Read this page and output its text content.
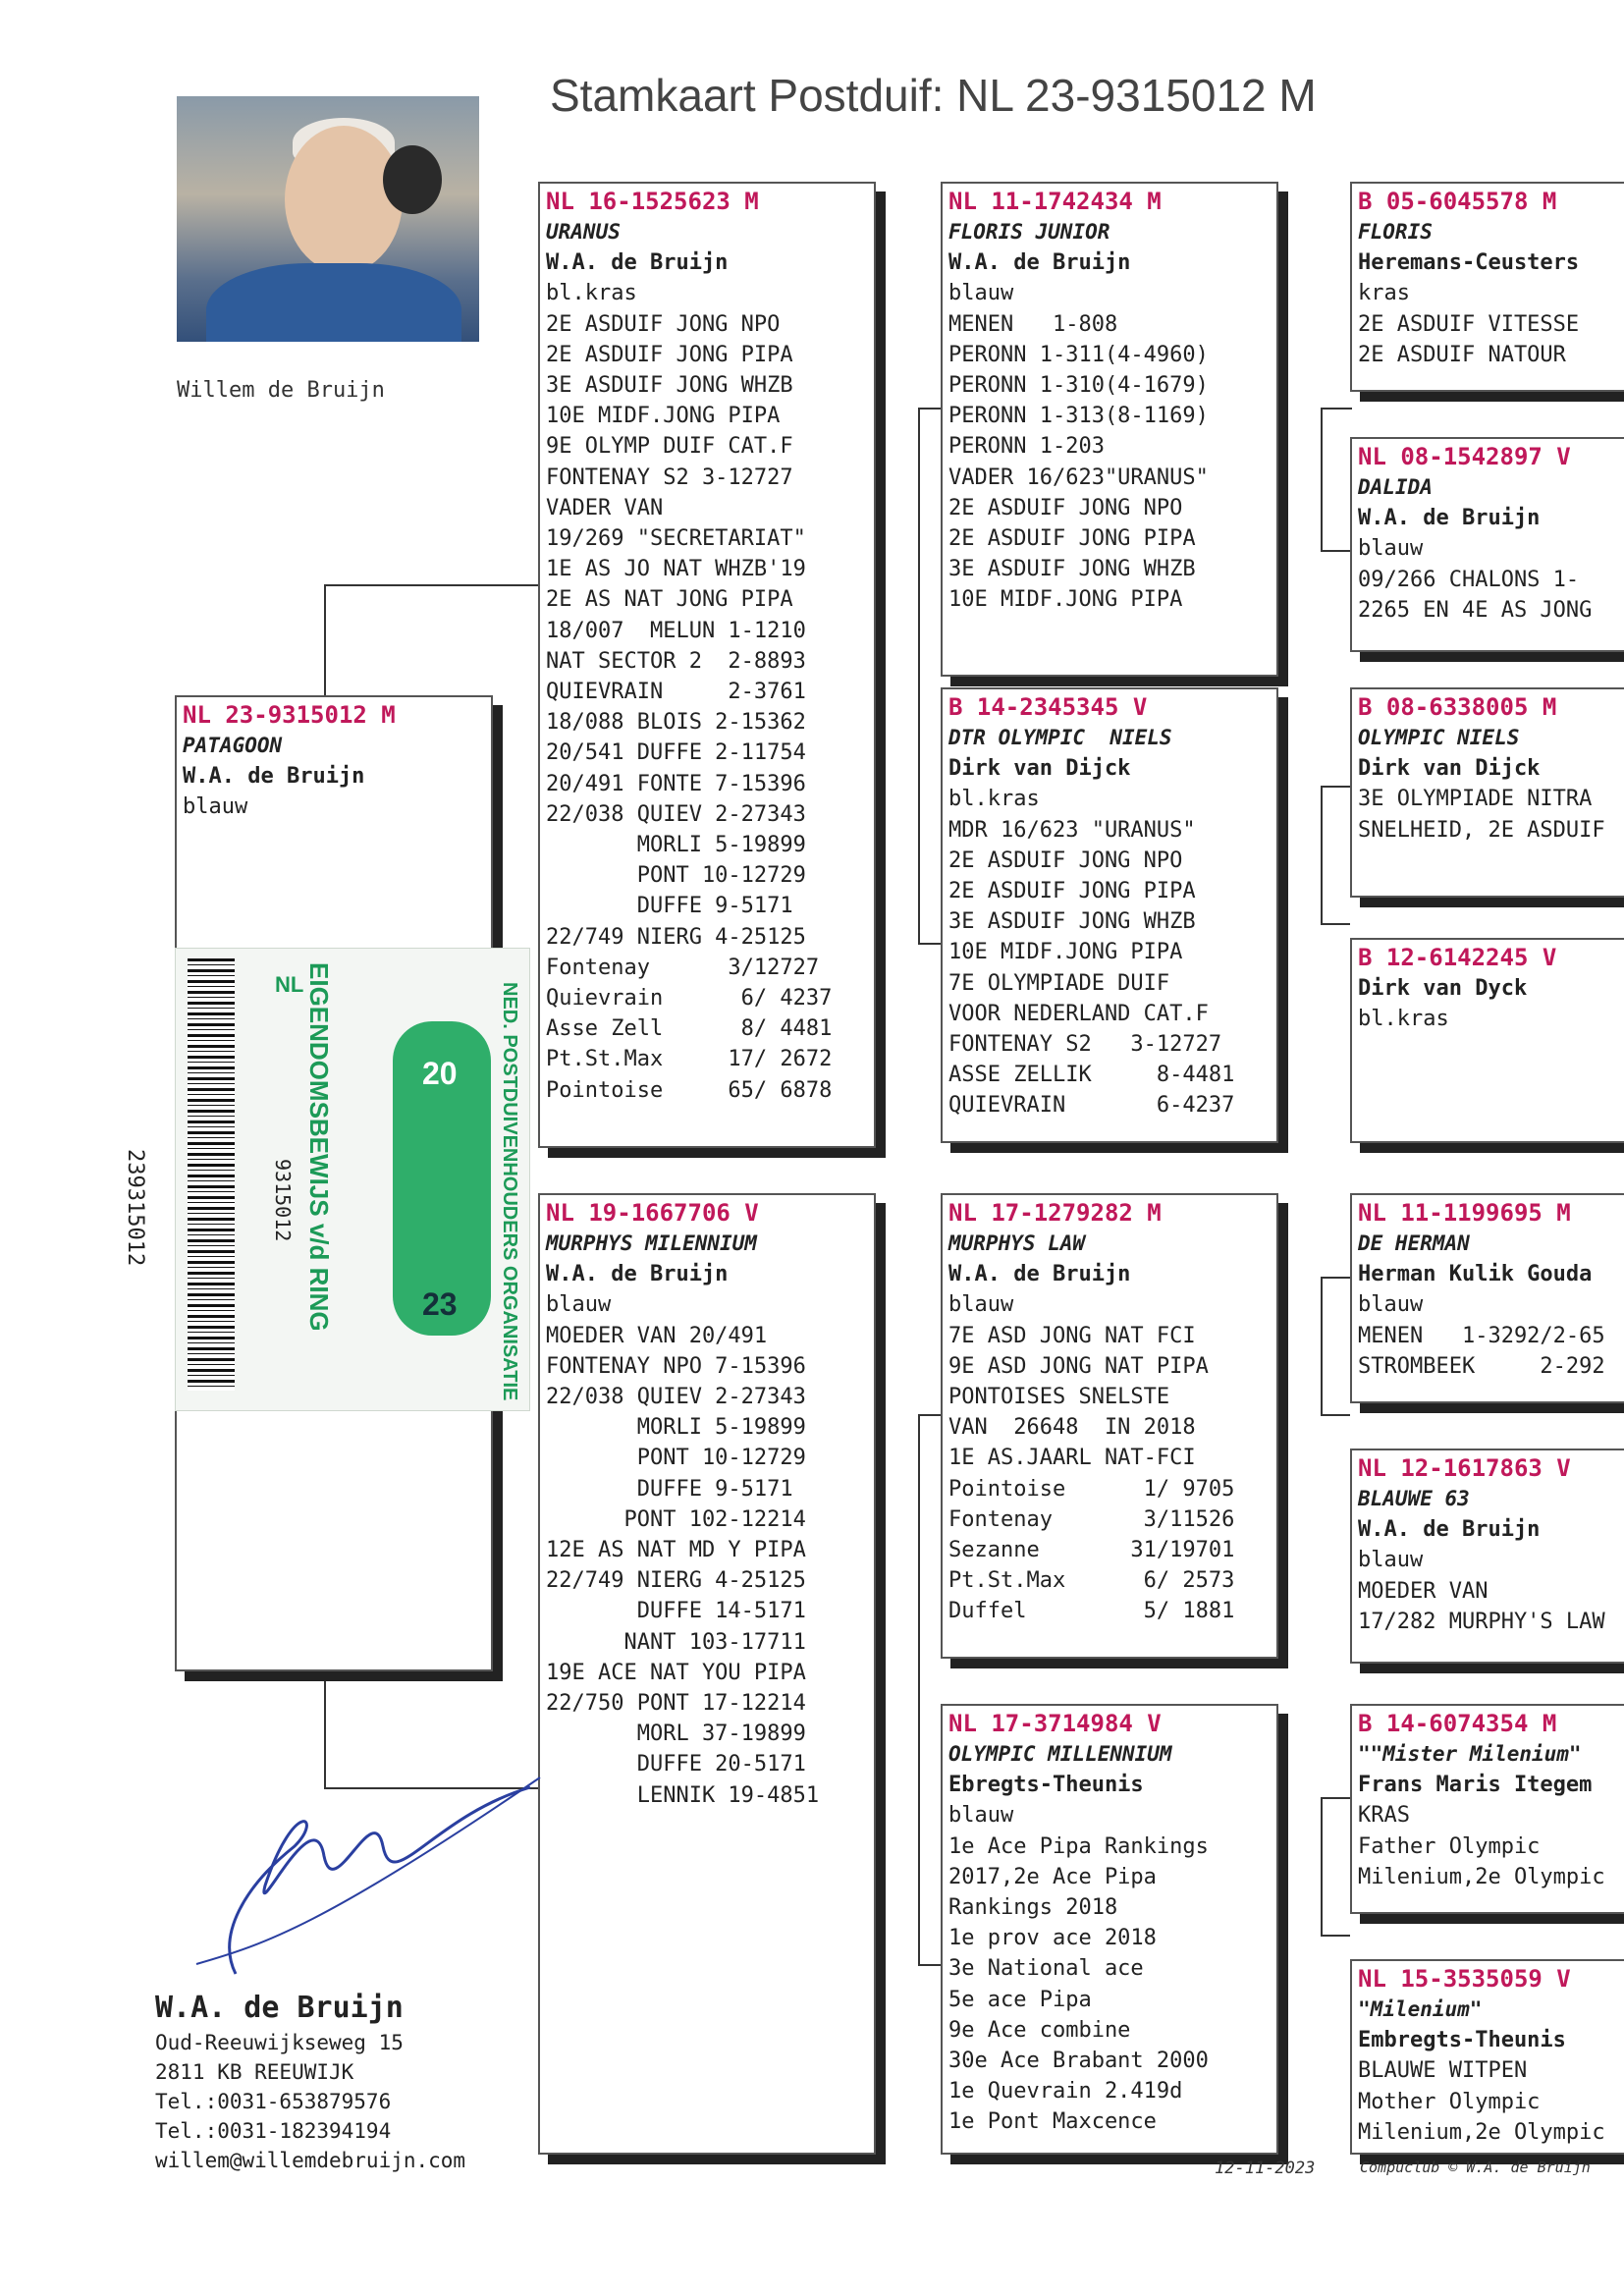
Stamkaart Postduif: NL 23-9315012 M
Willem de Bruijn
NL 23-9315012 M
PATAGOON
W.A. de Bruijn
blauw
NL 16-1525623 M
URANUS
W.A. de Bruijn
bl.kras
2E ASDUIF JONG NPO
2E ASDUIF JONG PIPA
3E ASDUIF JONG WHZB
10E MIDF.JONG PIPA
9E OLYMP DUIF CAT.F
FONTENAY S2 3-12727
VADER VAN
19/269 "SECRETARIAT"
1E AS JO NAT WHZB'19
2E AS NAT JONG PIPA
18/007  MELUN 1-1210
NAT SECTOR 2  2-8893
QUIEVRAIN     2-3761
18/088 BLOIS 2-15362
20/541 DUFFE 2-11754
20/491 FONTE 7-15396
22/038 QUIEV 2-27343
MORLI 5-19899
PONT 10-12729
DUFFE 9-5171
22/749 NIERG 4-25125
Fontenay      3/12727
Quievrain      6/ 4237
Asse Zell      8/ 4481
Pt.St.Max     17/ 2672
Pointoise     65/ 6878
NL 19-1667706 V
MURPHYS MILENNIUM
W.A. de Bruijn
blauw
MOEDER VAN 20/491
FONTENAY NPO 7-15396
22/038 QUIEV 2-27343
MORLI 5-19899
PONT 10-12729
DUFFE 9-5171
PONT 102-12214
12E AS NAT MD Y PIPA
22/749 NIERG 4-25125
DUFFE 14-5171
NANT 103-17711
19E ACE NAT YOU PIPA
22/750 PONT 17-12214
MORL 37-19899
DUFFE 20-5171
LENNIK 19-4851
NL 11-1742434 M
FLORIS JUNIOR
W.A. de Bruijn
blauw
MENEN   1-808
PERONN 1-311(4-4960)
PERONN 1-310(4-1679)
PERONN 1-313(8-1169)
PERONN 1-203
VADER 16/623"URANUS"
2E ASDUIF JONG NPO
2E ASDUIF JONG PIPA
3E ASDUIF JONG WHZB
10E MIDF.JONG PIPA
B 14-2345345 V
DTR OLYMPIC  NIELS
Dirk van Dijck
bl.kras
MDR 16/623 "URANUS"
2E ASDUIF JONG NPO
2E ASDUIF JONG PIPA
3E ASDUIF JONG WHZB
10E MIDF.JONG PIPA
7E OLYMPIADE DUIF
VOOR NEDERLAND CAT.F
FONTENAY S2   3-12727
ASSE ZELLIK     8-4481
QUIEVRAIN       6-4237
NL 17-1279282 M
MURPHYS LAW
W.A. de Bruijn
blauw
7E ASD JONG NAT FCI
9E ASD JONG NAT PIPA
PONTOISES SNELSTE
VAN  26648  IN 2018
1E AS.JAARL NAT-FCI
Pointoise      1/ 9705
Fontenay       3/11526
Sezanne       31/19701
Pt.St.Max      6/ 2573
Duffel         5/ 1881
NL 17-3714984 V
OLYMPIC MILLENNIUM
Ebregts-Theunis
blauw
1e Ace Pipa Rankings
2017,2e Ace Pipa
Rankings 2018
1e prov ace 2018
3e National ace
5e ace Pipa
9e Ace combine
30e Ace Brabant 2000
1e Quevrain 2.419d
1e Pont Maxcence
B 05-6045578 M
FLORIS
Heremans-Ceusters
kras
2E ASDUIF VITESSE
2E ASDUIF NATOUR
NL 08-1542897 V
DALIDA
W.A. de Bruijn
blauw
09/266 CHALONS 1-
2265 EN 4E AS JONG
B 08-6338005 M
OLYMPIC NIELS
Dirk van Dijck
3E OLYMPIADE NITRA
SNELHEID, 2E ASDUIF
B 12-6142245 V
Dirk van Dyck
bl.kras
NL 11-1199695 M
DE HERMAN
Herman Kulik Gouda
blauw
MENEN   1-3292/2-65
STROMBEEK     2-292
NL 12-1617863 V
BLAUWE 63
W.A. de Bruijn
blauw
MOEDER VAN
17/282 MURPHY'S LAW
B 14-6074354 M
""Mister Milenium"
Frans Maris Itegem
KRAS
Father Olympic
Milenium,2e Olympic
NL 15-3535059 V
"Milenium"
Embregts-Theunis
BLAUWE WITPEN
Mother Olympic
Milenium,2e Olympic
239315012
NL
20
23
EIGENDOMSBEWIJS v/d RING	NED. POSTDUIVENHOUDERS ORGANISATIE
9315012
W.A. de Bruijn
Oud-Reeuwijkseweg 15
2811 KB REEUWIJK
Tel.:0031-653879576
Tel.:0031-182394194
willem@willemdebruijn.com	12-11-2023	Compuclub © W.A. de Bruijn
